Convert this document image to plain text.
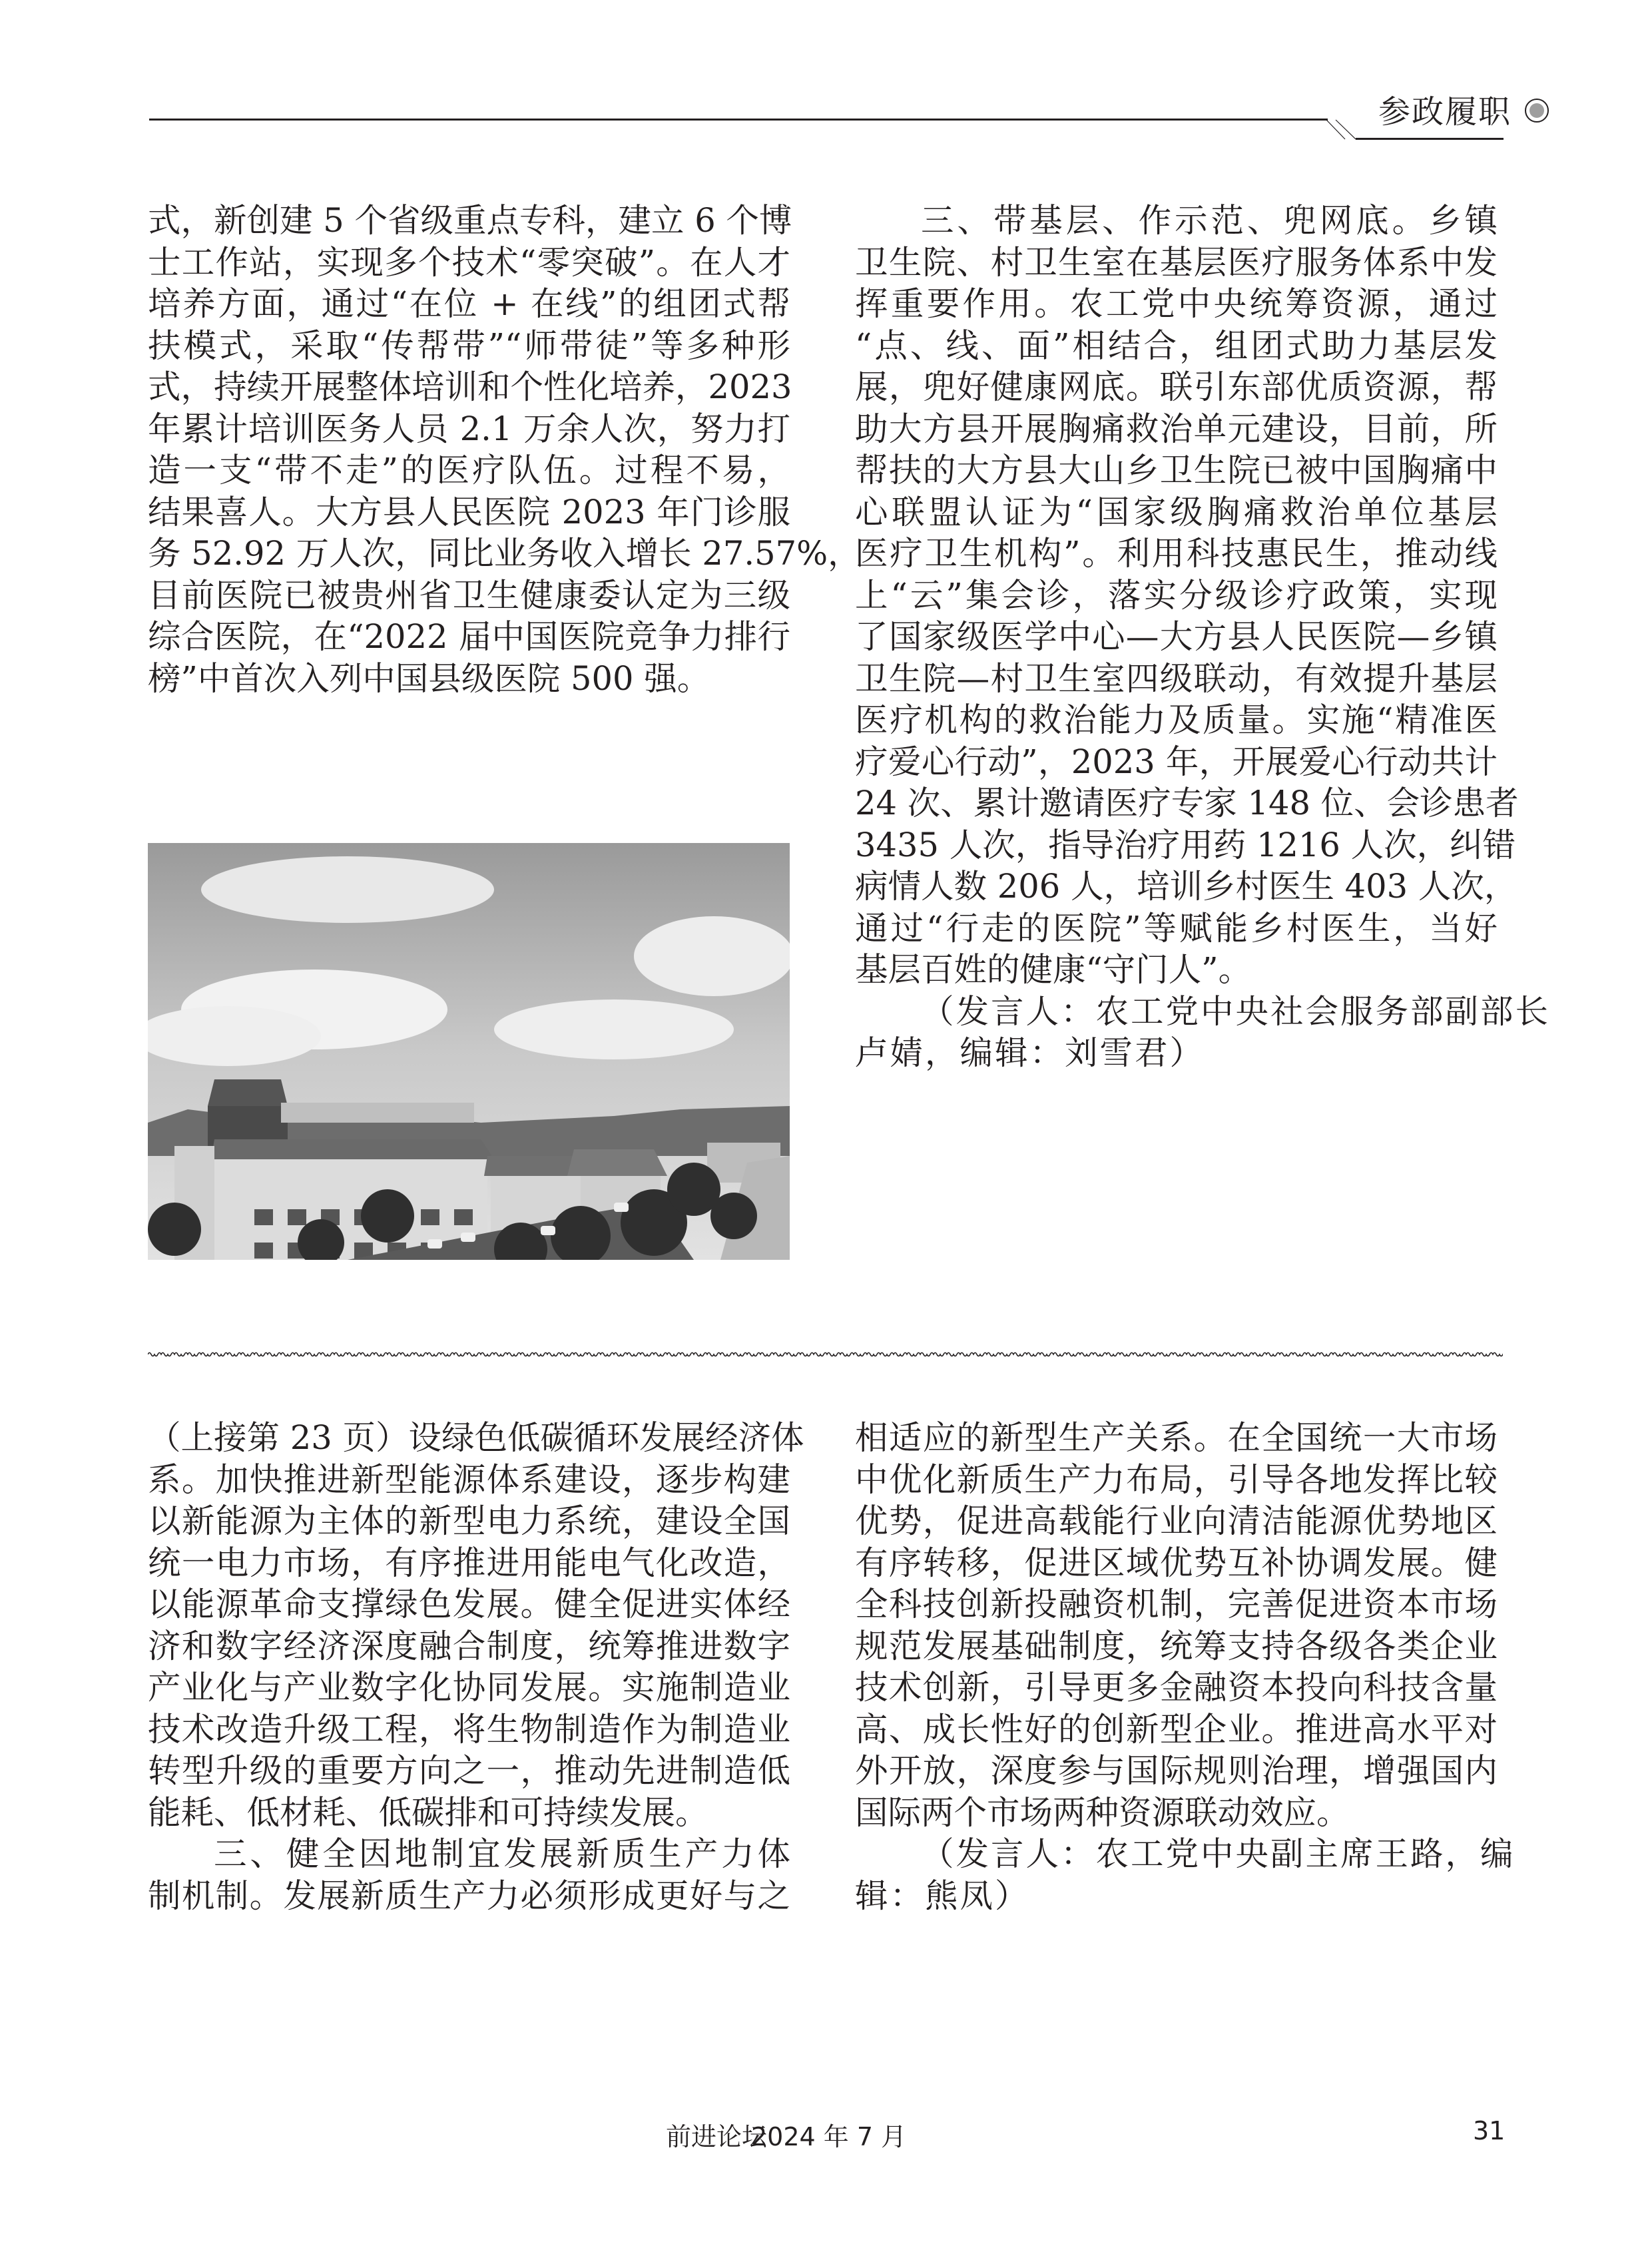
参政履职
式，新创建 5 个省级重点专科，建立 6 个博
士工作站，实现多个技术“零突破”。在人才
培养方面，通过“在位 + 在线”的组团式帮
扶模式，采取“传帮带”“师带徒”等多种形
式，持续开展整体培训和个性化培养，2023
年累计培训医务人员 2.1 万余人次，努力打
造一支“带不走”的医疗队伍。过程不易，
结果喜人。大方县人民医院 2023 年门诊服
务 52.92 万人次，同比业务收入增长 27.57%，
目前医院已被贵州省卫生健康委认定为三级
综合医院，在“2022 届中国医院竞争力排行
榜”中首次入列中国县级医院 500 强。
三、带基层、作示范、兜网底。乡镇
卫生院、村卫生室在基层医疗服务体系中发
挥重要作用。农工党中央统筹资源，通过
“点、线、面”相结合，组团式助力基层发
展，兜好健康网底。联引东部优质资源，帮
助大方县开展胸痛救治单元建设，目前，所
帮扶的大方县大山乡卫生院已被中国胸痛中
心联盟认证为“国家级胸痛救治单位基层
医疗卫生机构”。利用科技惠民生，推动线
上“云”集会诊，落实分级诊疗政策，实现
了国家级医学中心—大方县人民医院—乡镇
卫生院—村卫生室四级联动，有效提升基层
医疗机构的救治能力及质量。实施“精准医
疗爱心行动”，2023 年，开展爱心行动共计
24 次、累计邀请医疗专家 148 位、会诊患者
3435 人次，指导治疗用药 1216 人次，纠错
病情人数 206 人，培训乡村医生 403 人次，
通过“行走的医院”等赋能乡村医生，当好
基层百姓的健康“守门人”。
（发言人：农工党中央社会服务部副部长
卢婧，编辑：刘雪君）
（上接第 23 页）设绿色低碳循环发展经济体
系。加快推进新型能源体系建设，逐步构建
以新能源为主体的新型电力系统，建设全国
统一电力市场，有序推进用能电气化改造，
以能源革命支撑绿色发展。健全促进实体经
济和数字经济深度融合制度，统筹推进数字
产业化与产业数字化协同发展。实施制造业
技术改造升级工程，将生物制造作为制造业
转型升级的重要方向之一，推动先进制造低
能耗、低材耗、低碳排和可持续发展。
三、健全因地制宜发展新质生产力体
制机制。发展新质生产力必须形成更好与之
相适应的新型生产关系。在全国统一大市场
中优化新质生产力布局，引导各地发挥比较
优势，促进高载能行业向清洁能源优势地区
有序转移，促进区域优势互补协调发展。健
全科技创新投融资机制，完善促进资本市场
规范发展基础制度，统筹支持各级各类企业
技术创新，引导更多金融资本投向科技含量
高、成长性好的创新型企业。推进高水平对
外开放，深度参与国际规则治理，增强国内
国际两个市场两种资源联动效应。
（发言人：农工党中央副主席王路，编
辑：熊凤）
前进论坛
2024 年 7 月	31
